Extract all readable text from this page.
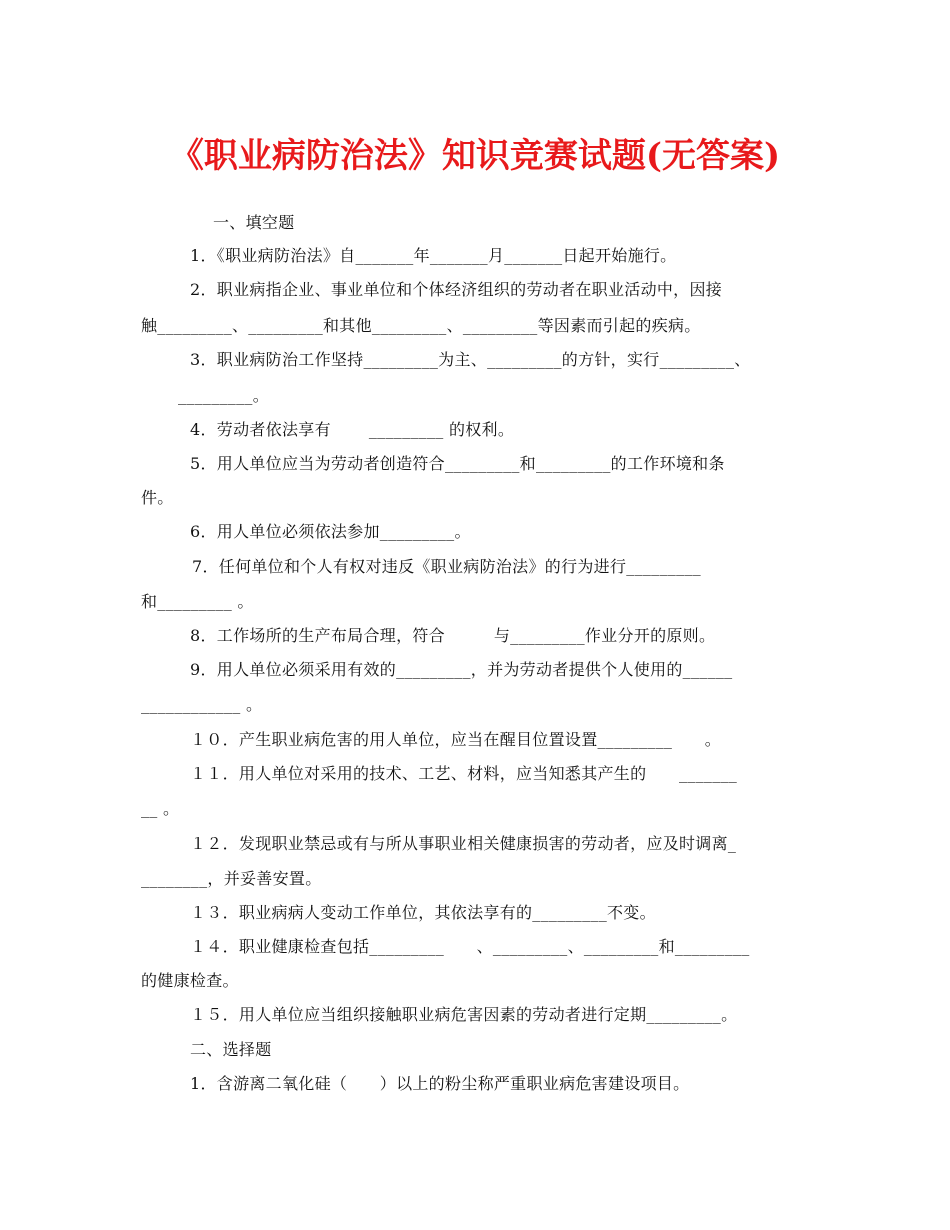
《职业病防治法》知识竞赛试题(无答案)
一、填空题
1．《职业病防治法》自_______年_______月_______日起开始施行。
2．职业病指企业、事业单位和个体经济组织的劳动者在职业活动中，因接
触_________、_________和其他_________、_________等因素而引起的疾病。
3．职业病防治工作坚持_________为主、_________的方针，实行_________、
_________。
4．劳动者依法享有　 　_________ 的权利。
5．用人单位应当为劳动者创造符合_________和_________的工作环境和条
件。
6．用人单位必须依法参加_________。
7．任何单位和个人有权对违反《职业病防治法》的行为进行_________
和_________ 。
8．工作场所的生产布局合理，符合　　　与_________作业分开的原则。
9．用人单位必须采用有效的_________，并为劳动者提供个人使用的______
____________ 。
１０．产生职业病危害的用人单位，应当在醒目位置设置_________　　。
１１．用人单位对采用的技术、工艺、材料，应当知悉其产生的　　_______
__ 。
１２．发现职业禁忌或有与所从事职业相关健康损害的劳动者，应及时调离_
________，并妥善安置。
１３．职业病病人变动工作单位，其依法享有的_________不变。
１４．职业健康检查包括_________　　、_________、_________和_________
的健康检查。
１５．用人单位应当组织接触职业病危害因素的劳动者进行定期_________。
二、选择题
1．含游离二氧化硅（　　）以上的粉尘称严重职业病危害建设项目。
